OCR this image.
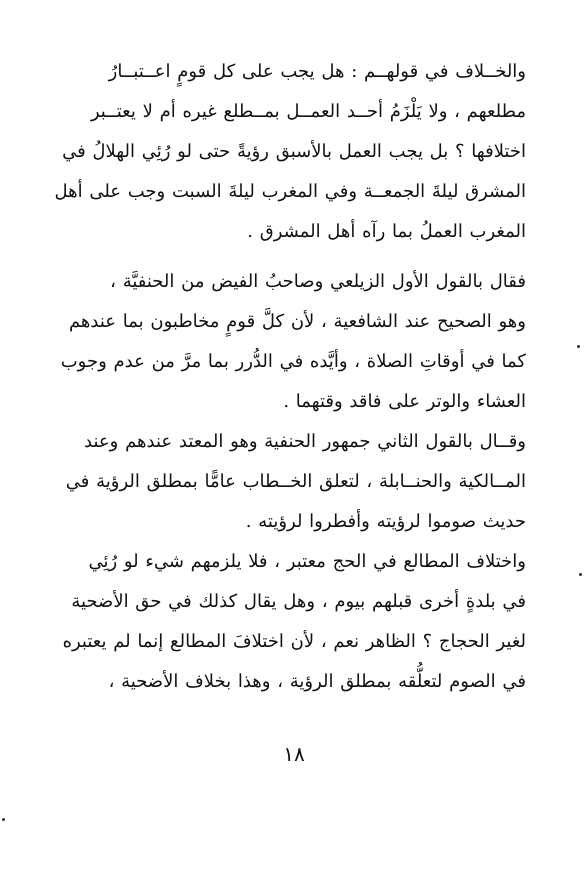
والخــلاف في قولهــم : هل يجب على كل قومٍ اعــتبــارُ
مطلعهم ، ولا يَلْزَمُ أحــد العمــل بمــطلع غيره أم لا يعتــبر
اختلافها ؟ بل يجب العمل بالأسبق رؤيةً حتى لو رُئِي الهلالُ في
المشرق ليلةَ الجمعــة وفي المغرب ليلةَ السبت وجب على أهل
المغرب العملُ بما رآه أهل المشرق .
فقال بالقول الأول الزيلعي وصاحبُ الفيض من الحنفيَّة ،
وهو الصحيح عند الشافعية ، لأن كلَّ قومٍ مخاطبون بما عندهم
كما في أوقاتِ الصلاة ، وأيَّده في الدُّرر بما مرَّ من عدم وجوب
العشاء والوتر على فاقد وقتهما .
وقــال بالقول الثاني جمهور الحنفية وهو المعتد عندهم وعند
المــالكية والحنــابلة ، لتعلق الخــطاب عامًّا بمطلق الرؤية في
حديث صوموا لرؤيته وأفطروا لرؤيته .
واختلاف المطالع في الحج معتبر ، فلا يلزمهم شيء لو رُئِي
في بلدةٍ أخرى قبلهم بيوم ، وهل يقال كذلك في حق الأضحية
لغير الحجاج ؟ الظاهر نعم ، لأن اختلافَ المطالع إنما لم يعتبره
في الصوم لتعلُّقه بمطلق الرؤية ، وهذا بخلاف الأضحية ،
١٨
